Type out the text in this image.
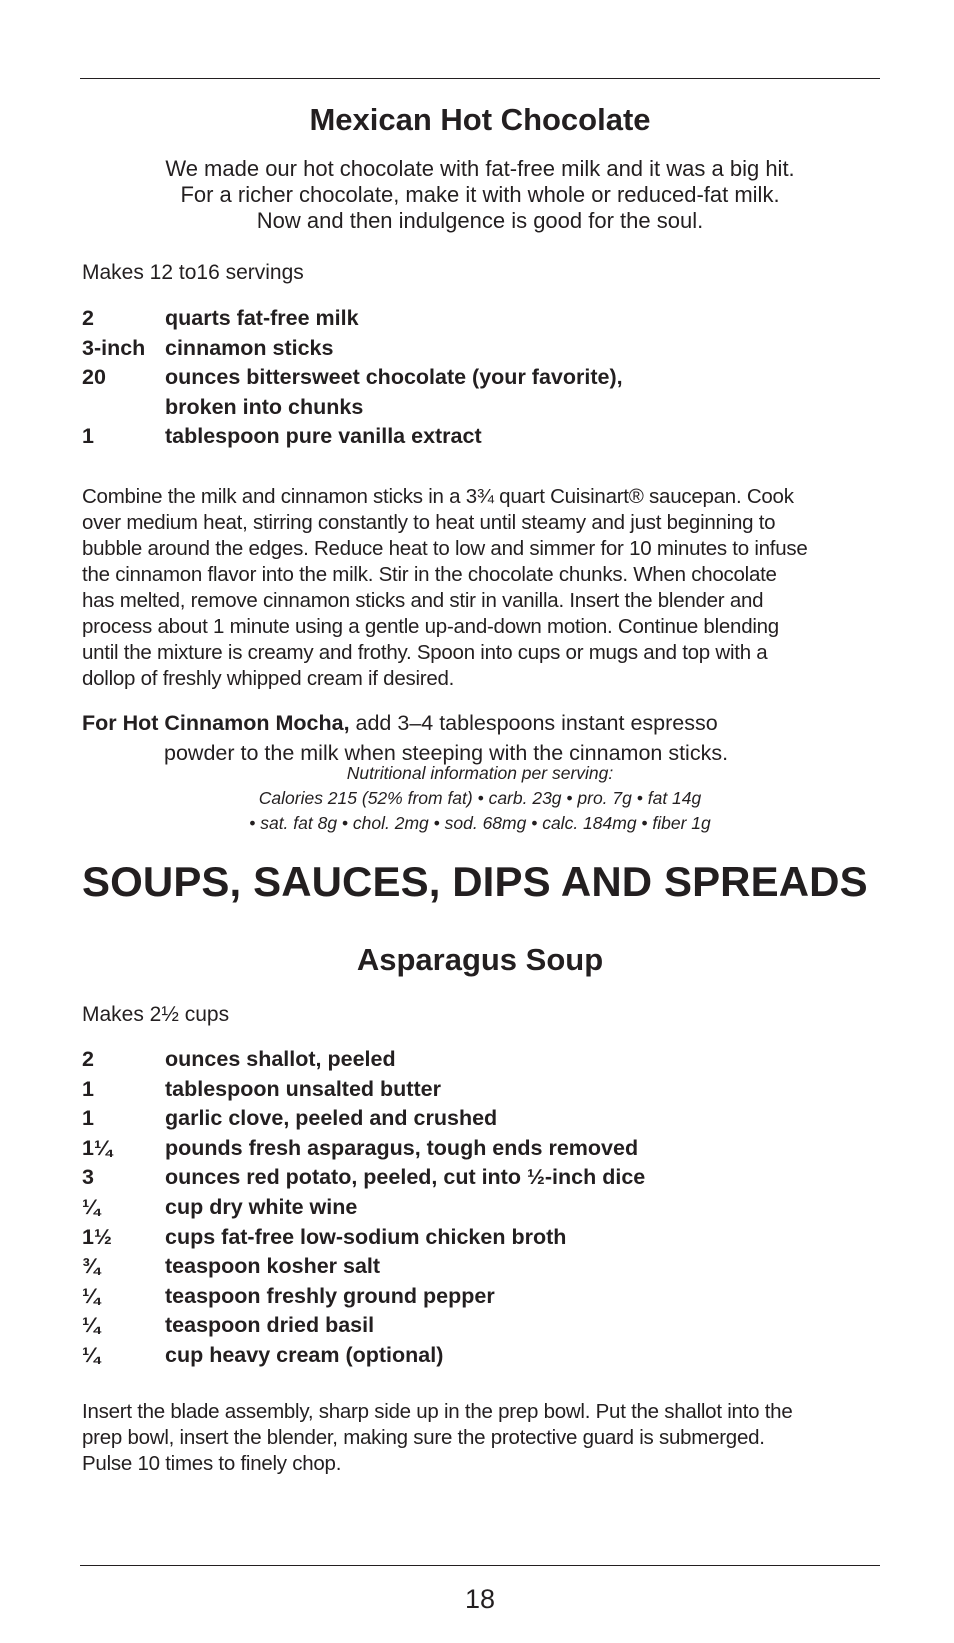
Mexican Hot Chocolate
We made our hot chocolate with fat-free milk and it was a big hit.
For a richer chocolate, make it with whole or reduced-fat milk.
Now and then indulgence is good for the soul.

Makes 12 to16 servings

2	quarts fat-free milk
3-inch cinnamon sticks
20	ounces bittersweet chocolate (your favorite),
broken into chunks
1	tablespoon pure vanilla extract
Combine the milk and cinnamon sticks in a 3¾ quart Cuisinart® saucepan. Cook
over medium heat, stirring constantly to heat until steamy and just beginning to
bubble around the edges. Reduce heat to low and simmer for 10 minutes to infuse
the cinnamon flavor into the milk. Stir in the chocolate chunks. When chocolate
has melted, remove cinnamon sticks and stir in vanilla. Insert the blender and
process about 1 minute using a gentle up-and-down motion. Continue blending
until the mixture is creamy and frothy. Spoon into cups or mugs and top with a
dollop of freshly whipped cream if desired.
For Hot Cinnamon Mocha, add 3–4 tablespoons instant espresso
powder to the milk when steeping with the cinnamon sticks.
Nutritional information per serving:
Calories 215 (52% from fat) • carb. 23g • pro. 7g • fat 14g
• sat. fat 8g • chol. 2mg • sod. 68mg • calc. 184mg • fiber 1g
SOUPS, SAUCES, DIPS AND SPREADS
Asparagus Soup

Makes 2½ cups

2	ounces shallot, peeled
1	tablespoon unsalted butter
1	garlic clove, peeled and crushed
1¼	pounds fresh asparagus, tough ends removed
3	ounces red potato, peeled, cut into ½-inch dice
¼	cup dry white wine
1½	cups fat-free low-sodium chicken broth
¾	teaspoon kosher salt
¼	teaspoon freshly ground pepper
¼	teaspoon dried basil
¼	cup heavy cream (optional)
Insert the blade assembly, sharp side up in the prep bowl. Put the shallot into the
prep bowl, insert the blender, making sure the protective guard is submerged.
Pulse 10 times to finely chop.
18
